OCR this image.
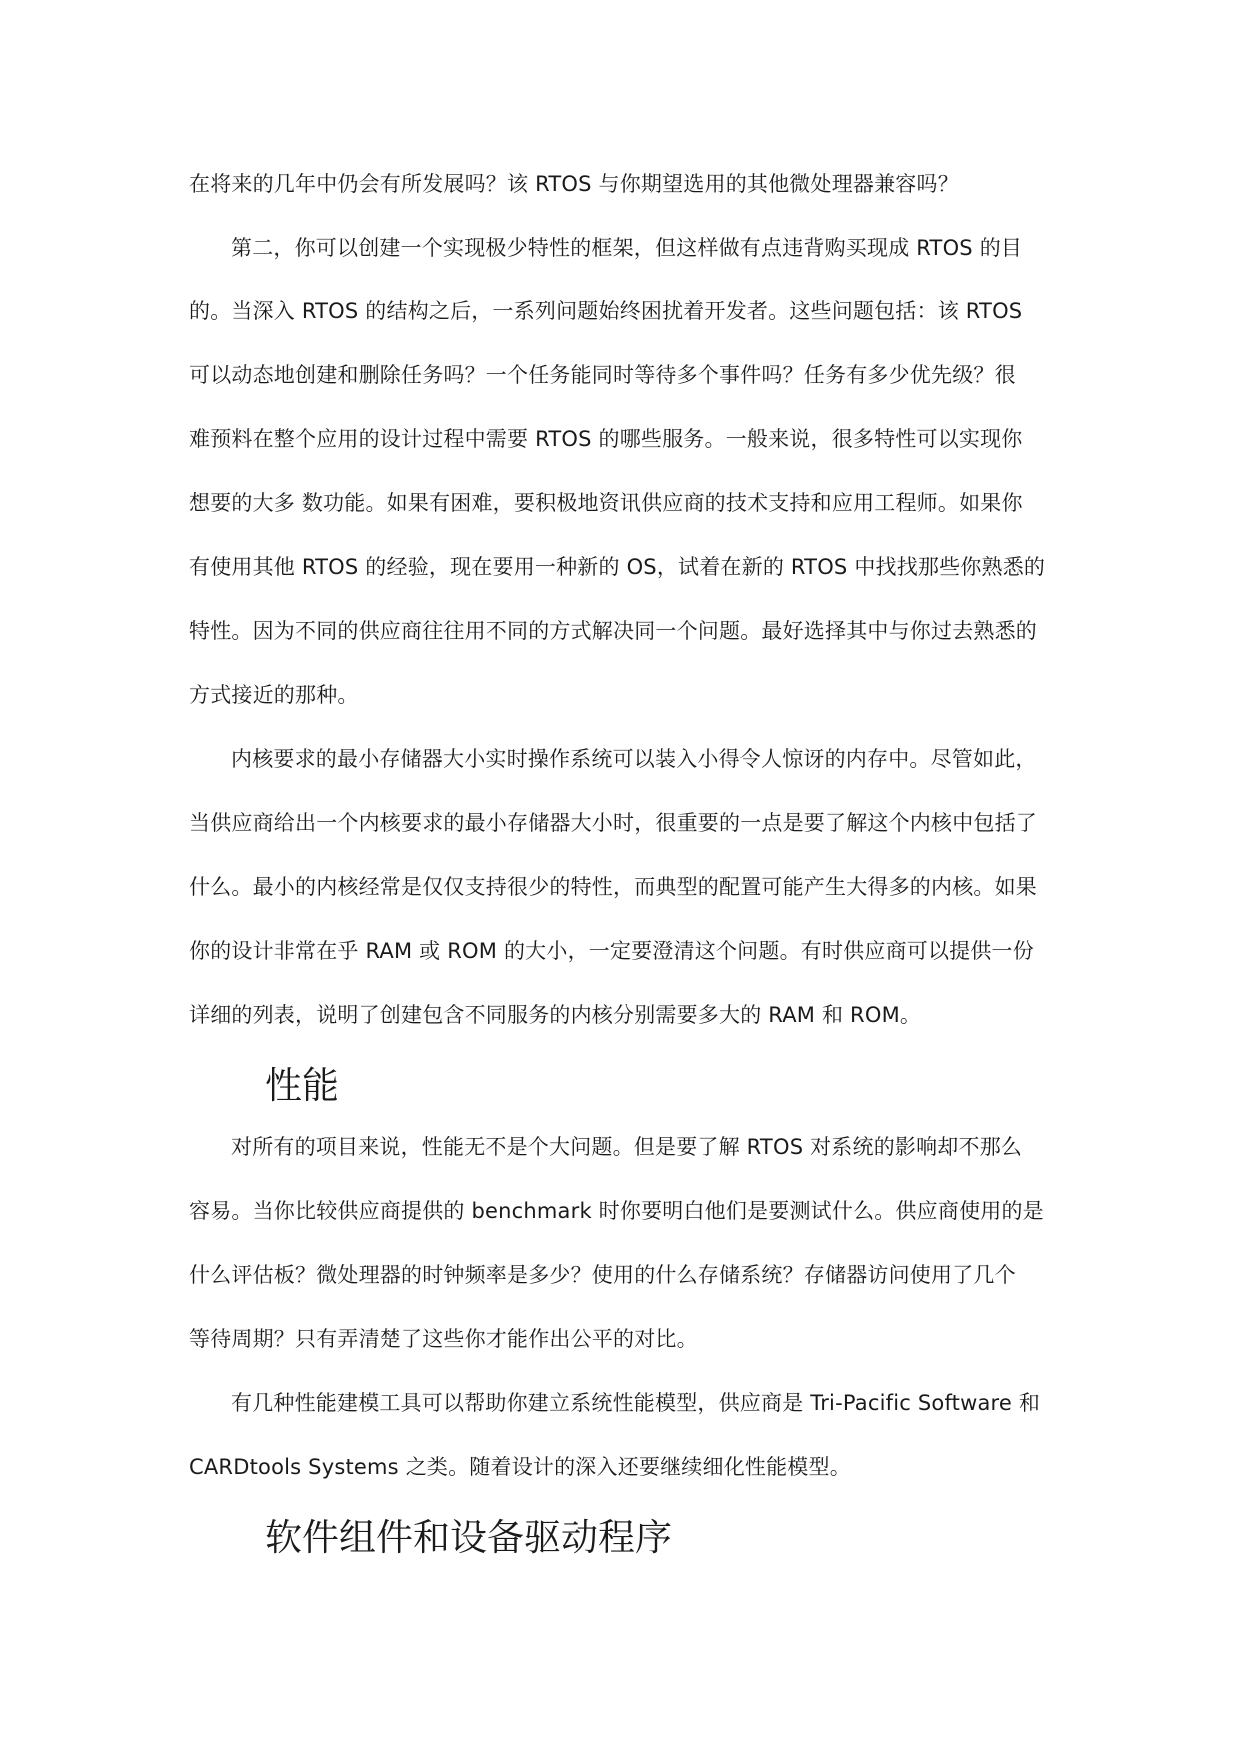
在将来的几年中仍会有所发展吗？该 RTOS 与你期望选用的其他微处理器兼容吗？
第二，你可以创建一个实现极少特性的框架，但这样做有点违背购买现成 RTOS 的目
的。当深入 RTOS 的结构之后，一系列问题始终困扰着开发者。这些问题包括：该 RTOS
可以动态地创建和删除任务吗？一个任务能同时等待多个事件吗？任务有多少优先级？很
难预料在整个应用的设计过程中需要 RTOS 的哪些服务。一般来说，很多特性可以实现你
想要的大多 数功能。如果有困难，要积极地资讯供应商的技术支持和应用工程师。如果你
有使用其他 RTOS 的经验，现在要用一种新的 OS，试着在新的 RTOS 中找找那些你熟悉的
特性。因为不同的供应商往往用不同的方式解决同一个问题。最好选择其中与你过去熟悉的
方式接近的那种。
内核要求的最小存储器大小实时操作系统可以装入小得令人惊讶的内存中。尽管如此，
当供应商给出一个内核要求的最小存储器大小时，很重要的一点是要了解这个内核中包括了
什么。最小的内核经常是仅仅支持很少的特性，而典型的配置可能产生大得多的内核。如果
你的设计非常在乎 RAM 或 ROM 的大小，一定要澄清这个问题。有时供应商可以提供一份
详细的列表，说明了创建包含不同服务的内核分别需要多大的 RAM 和 ROM。
性能
对所有的项目来说，性能无不是个大问题。但是要了解 RTOS 对系统的影响却不那么
容易。当你比较供应商提供的 benchmark 时你要明白他们是要测试什么。供应商使用的是
什么评估板？微处理器的时钟频率是多少？使用的什么存储系统？存储器访问使用了几个
等待周期？只有弄清楚了这些你才能作出公平的对比。
有几种性能建模工具可以帮助你建立系统性能模型，供应商是 Tri-Pacific Software 和
CARDtools Systems 之类。随着设计的深入还要继续细化性能模型。
软件组件和设备驱动程序
